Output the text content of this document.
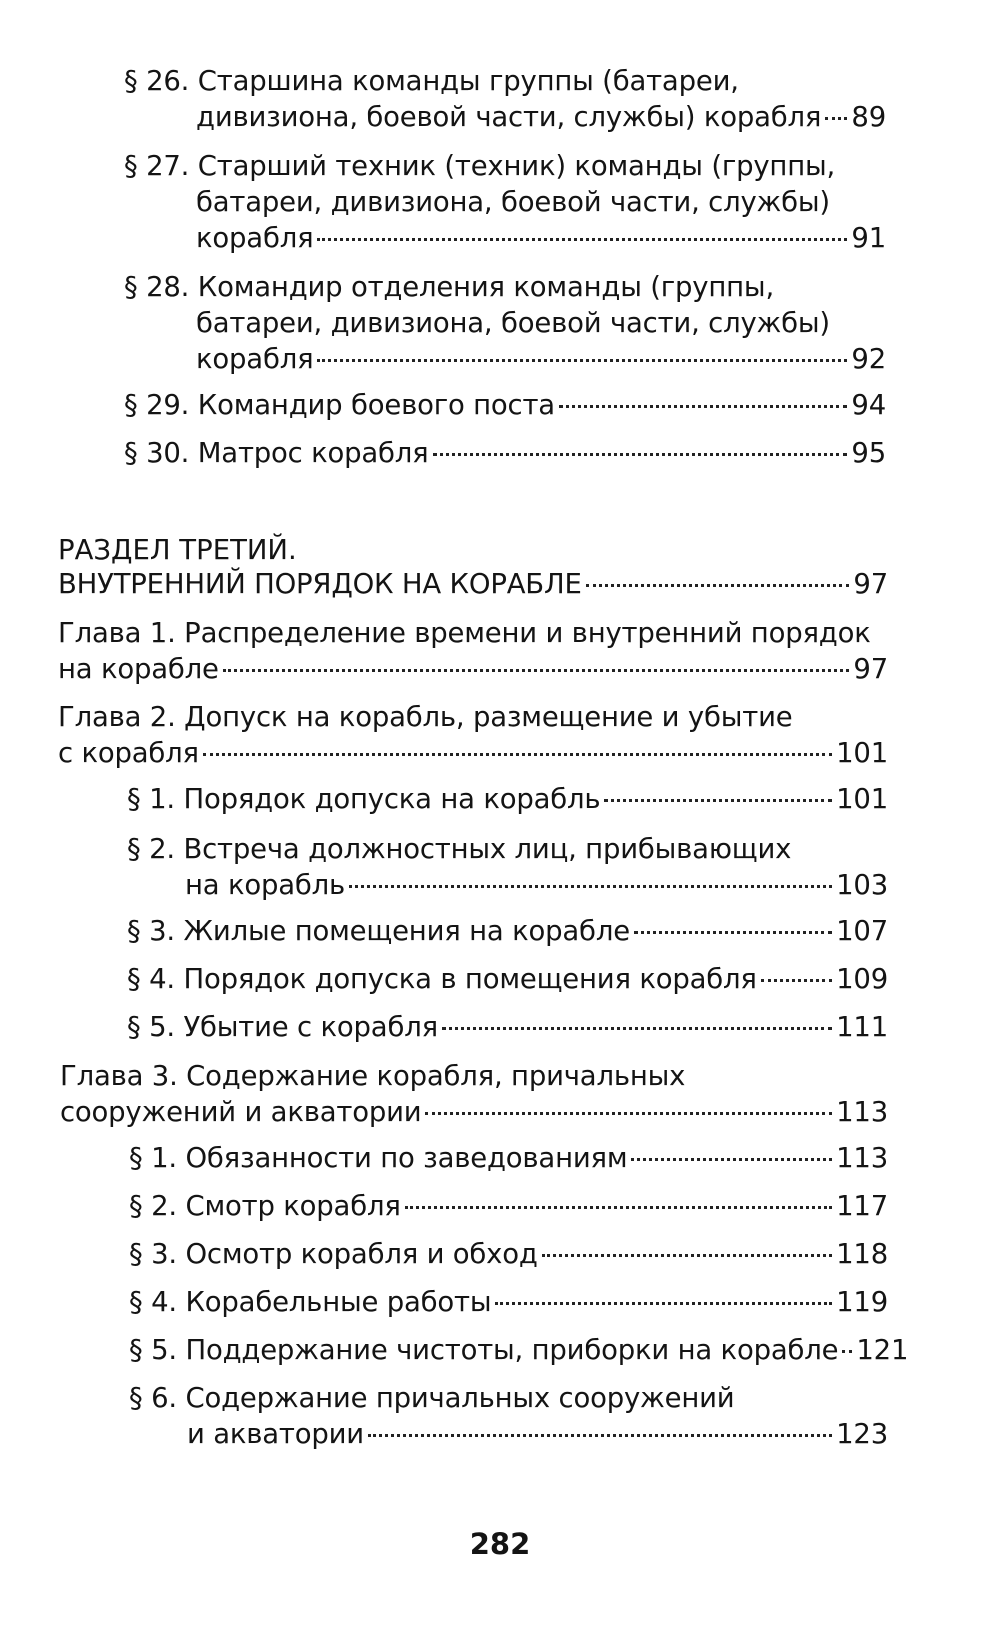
§ 26. Старшина команды группы (батареи,
дивизиона, боевой части, службы) корабля 89
§ 27. Старший техник (техник) команды (группы,
батареи, дивизиона, боевой части, службы)
корабля	91
§ 28. Командир отделения команды (группы,
батареи, дивизиона, боевой части, службы)
корабля	92
§ 29. Командир боевого поста	94
§ 30. Матрос корабля	95
РАЗДЕЛ ТРЕТИЙ.
ВНУТРЕННИЙ ПОРЯДОК НА КОРАБЛЕ	97
Глава 1. Распределение времени и внутренний порядок
на корабле	97
Глава 2. Допуск на корабль, размещение и убытие
с корабля	101
§ 1. Порядок допуска на корабль	101
§ 2. Встреча должностных лиц, прибывающих
на корабль	103
§ 3. Жилые помещения на корабле	107
§ 4. Порядок допуска в помещения корабля	109
§ 5. Убытие с корабля	111
Глава 3. Содержание корабля, причальных
сооружений и акватории	113
§ 1. Обязанности по заведованиям	113
§ 2. Смотр корабля	117
§ 3. Осмотр корабля и обход	118
§ 4. Корабельные работы	119
§ 5. Поддержание чистоты, приборки на корабле 121
§ 6. Содержание причальных сооружений
и акватории	123
282
